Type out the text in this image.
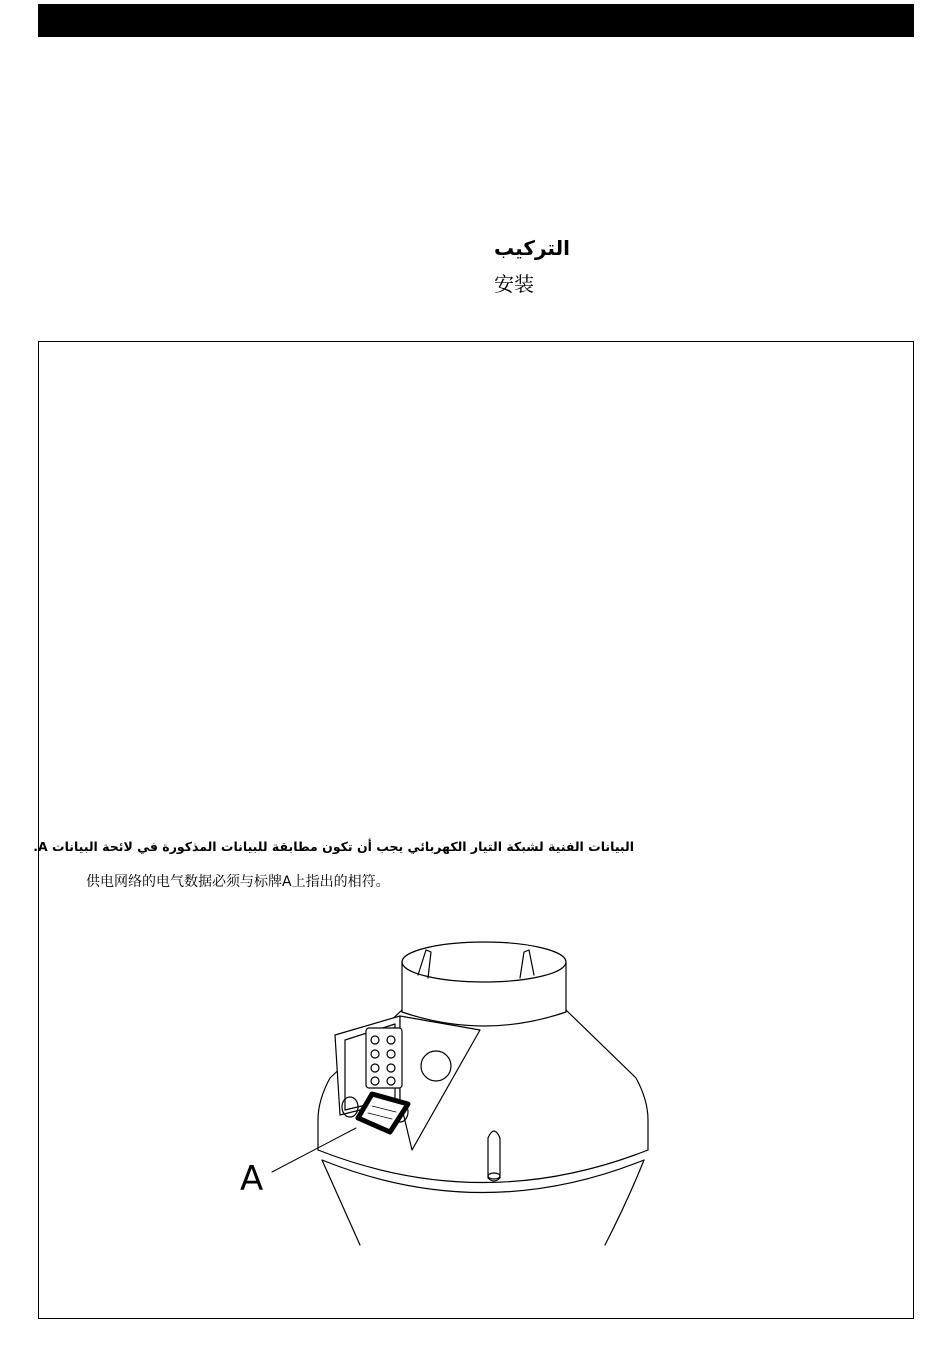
التركيب
安装
البيانات الفنية لشبكة التيار الكهربائي يجب أن تكون مطابقة للبيانات المذكورة في لائحة البيانات A.
供电网络的电气数据必须与标牌A上指出的相符。
A
